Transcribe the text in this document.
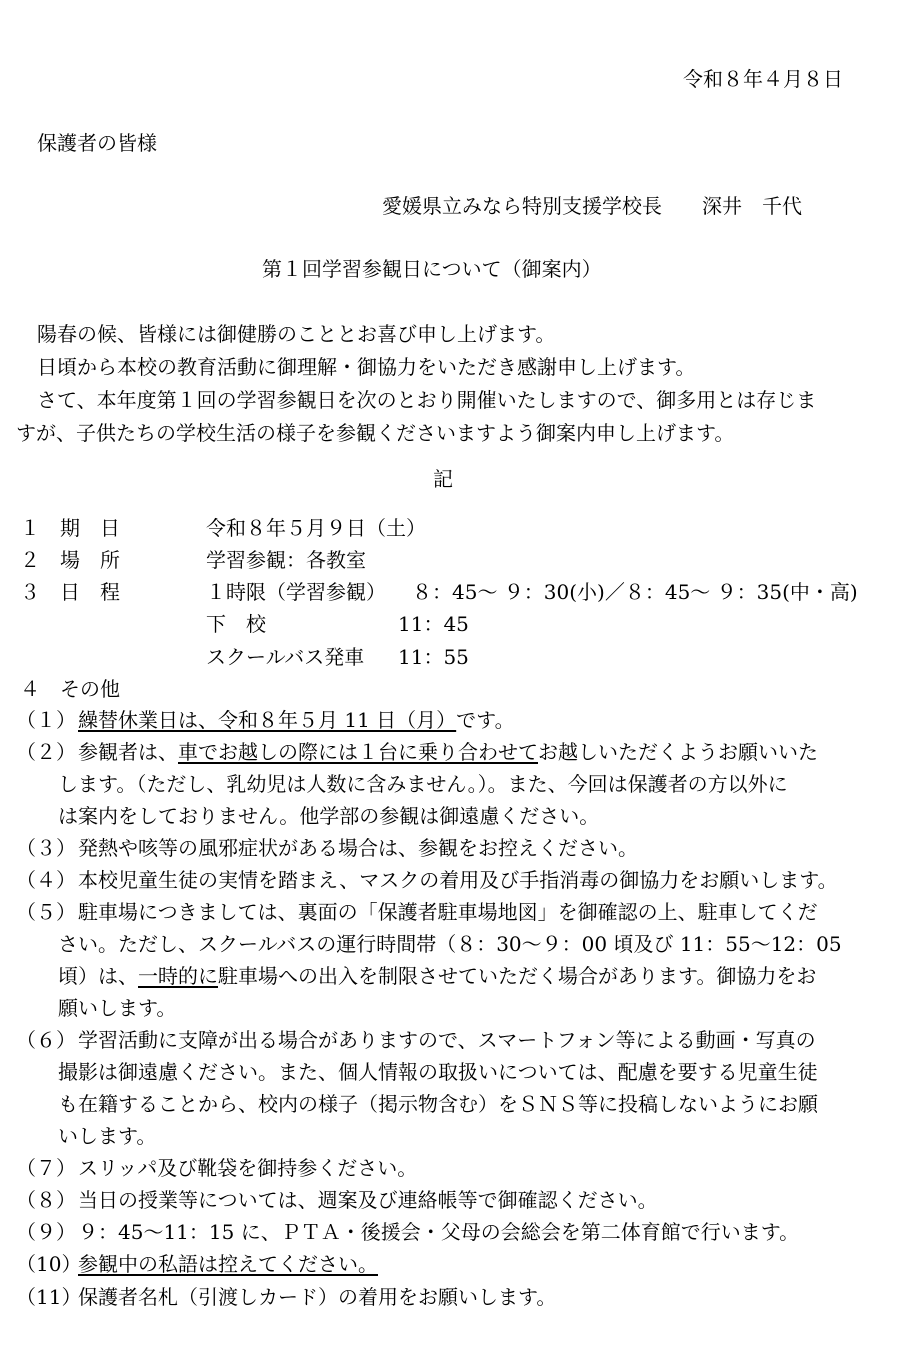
令和８年４月８日
保護者の皆様
愛媛県立みなら特別支援学校長　　深井　千代
第１回学習参観日について（御案内）
陽春の候、皆様には御健勝のこととお喜び申し上げます。
日頃から本校の教育活動に御理解・御協力をいただき感謝申し上げます。
さて、本年度第１回の学習参観日を次のとおり開催いたしますので、御多用とは存じま
すが、子供たちの学校生活の様子を参観くださいますよう御案内申し上げます。
記
１ 期　日	令和８年５月９日（土）
２ 場　所	学習参観：各教室
３ 日　程	１時限（学習参観） ８：45～ ９：30(小)／８：45～ ９：35(中・高)
下　校	11：45
スクールバス発車 11：55
４ その他
（１） 繰替休業日は、令和８年５月 11 日（月）です。
（２） 参観者は、車でお越しの際には１台に乗り合わせてお越しいただくようお願いいた
します。（ただし、乳幼児は人数に含みません。）。また、今回は保護者の方以外に
は案内をしておりません。他学部の参観は御遠慮ください。
（３） 発熱や咳等の風邪症状がある場合は、参観をお控えください。
（４） 本校児童生徒の実情を踏まえ、マスクの着用及び手指消毒の御協力をお願いします。
（５） 駐車場につきましては、裏面の「保護者駐車場地図」を御確認の上、駐車してくだ
さい。ただし、スクールバスの運行時間帯（８：30～９：00 頃及び 11：55～12：05
頃）は、一時的に駐車場への出入を制限させていただく場合があります。御協力をお
願いします。
（６） 学習活動に支障が出る場合がありますので、スマートフォン等による動画・写真の
撮影は御遠慮ください。また、個人情報の取扱いについては、配慮を要する児童生徒
も在籍することから、校内の様子（掲示物含む）をＳＮＳ等に投稿しないようにお願
いします。
（７） スリッパ及び靴袋を御持参ください。
（８） 当日の授業等については、週案及び連絡帳等で御確認ください。
（９） ９：45～11：15 に、ＰＴＡ・後援会・父母の会総会を第二体育館で行います。
（10）
参観中の私語は控えてください。
（11）
保護者名札（引渡しカード）の着用をお願いします。
